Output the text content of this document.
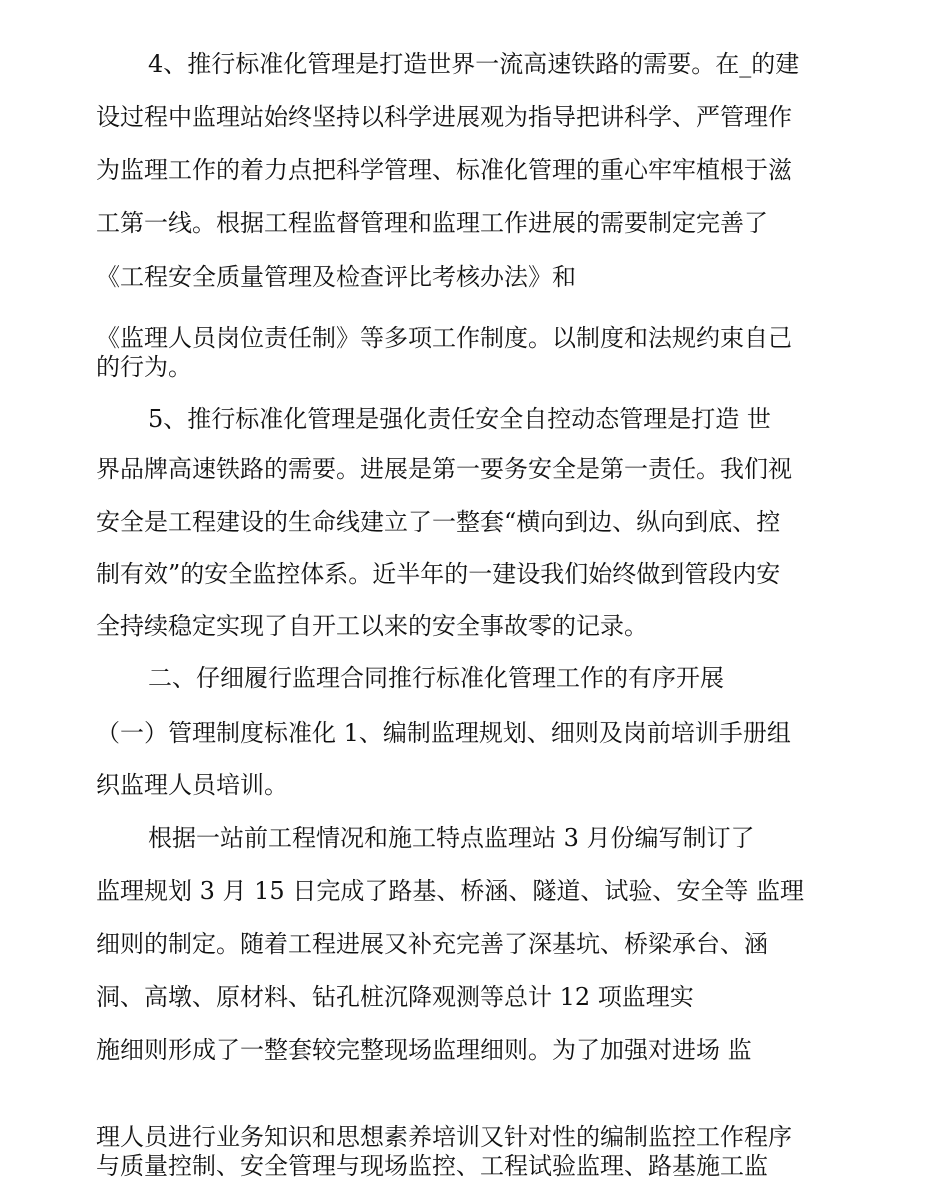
4、推行标准化管理是打造世界一流高速铁路的需要。在_的建
设过程中监理站始终坚持以科学进展观为指导把讲科学、严管理作
为监理工作的着力点把科学管理、标准化管理的重心牢牢植根于滋
工第一线。根据工程监督管理和监理工作进展的需要制定完善了
《工程安全质量管理及检查评比考核办法》和
《监理人员岗位责任制》等多项工作制度。以制度和法规约束自己
的行为。
5、推行标准化管理是强化责任安全自控动态管理是打造 世
界品牌高速铁路的需要。进展是第一要务安全是第一责任。我们视
安全是工程建设的生命线建立了一整套“横向到边、纵向到底、控
制有效”的安全监控体系。近半年的一建设我们始终做到管段内安
全持续稳定实现了自开工以来的安全事故零的记录。
二、仔细履行监理合同推行标准化管理工作的有序开展
（一）管理制度标准化 1、编制监理规划、细则及岗前培训手册组
织监理人员培训。
根据一站前工程情况和施工特点监理站 3 月份编写制订了
监理规划 3 月 15 日完成了路基、桥涵、隧道、试验、安全等 监理
细则的制定。随着工程进展又补充完善了深基坑、桥梁承台、涵
洞、高墩、原材料、钻孔桩沉降观测等总计 12 项监理实
施细则形成了一整套较完整现场监理细则。为了加强对进场 监
理人员进行业务知识和思想素养培训又针对性的编制监控工作程序
与质量控制、安全管理与现场监控、工程试验监理、路基施工监
